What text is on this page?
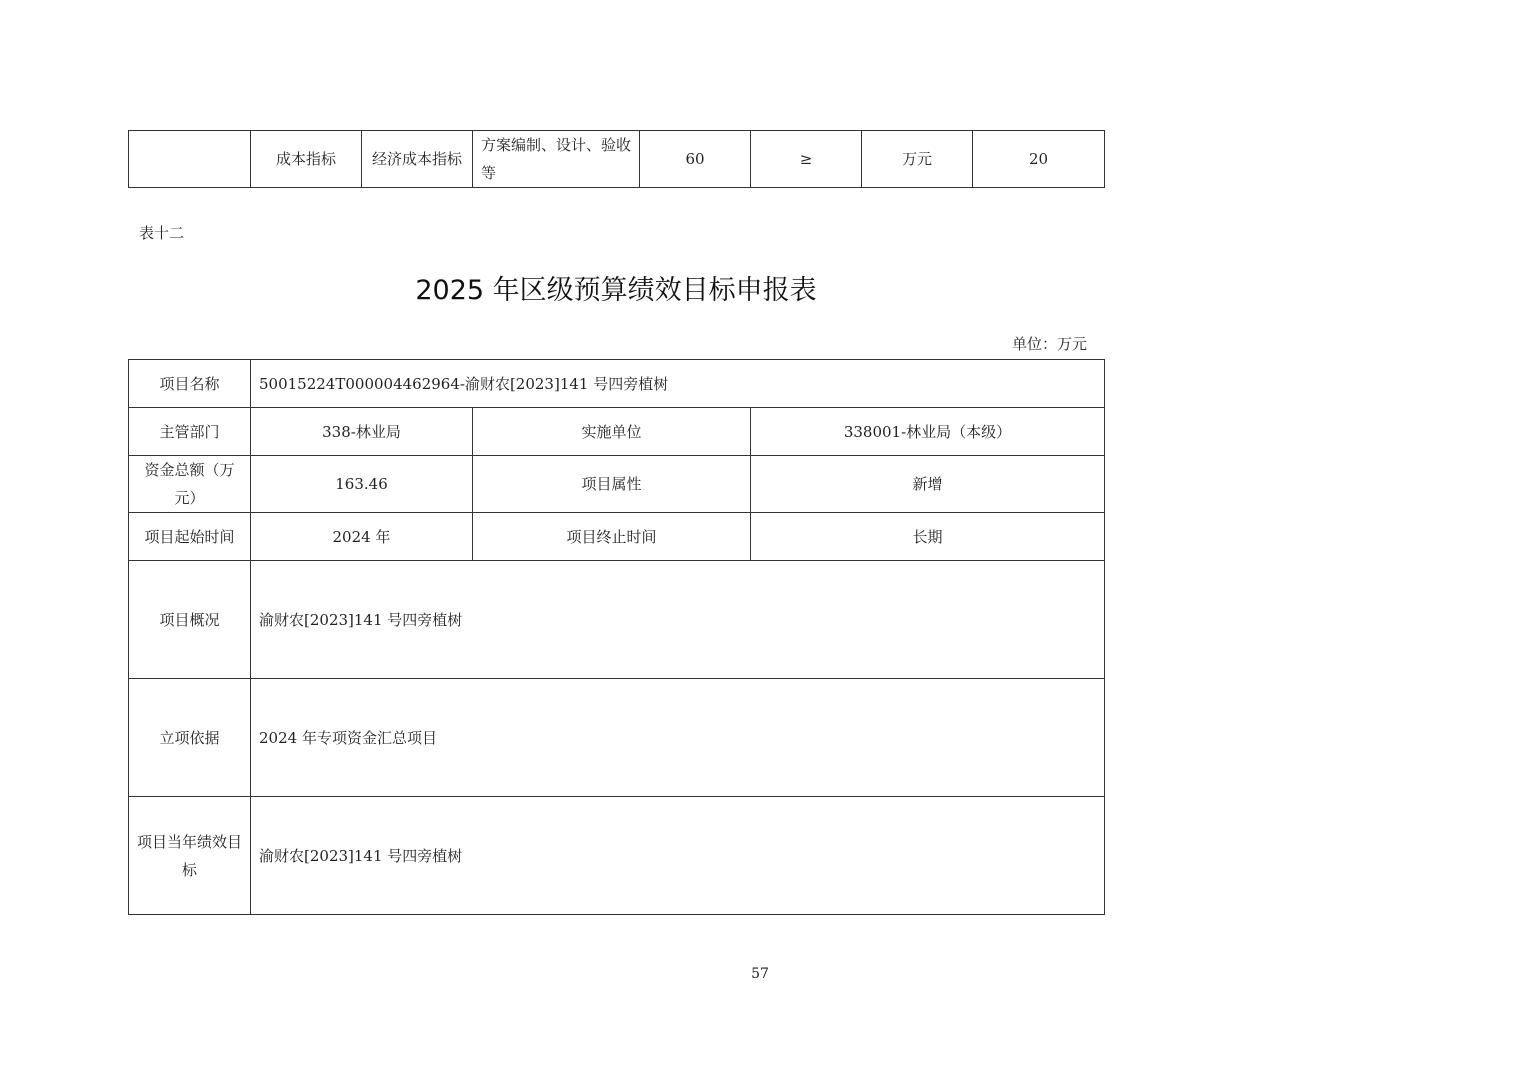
	成本指标	经济成本指标	方案编制、设计、验收等	60	≥	万元	20
表十二
2025 年区级预算绩效目标申报表
单位：万元
项目名称	50015224T000004462964-渝财农[2023]141 号四旁植树		
主管部门	338-林业局	实施单位	338001-林业局（本级）
资金总额（万元）	163.46	项目属性	新增
项目起始时间	2024 年	项目终止时间	长期
项目概况	渝财农[2023]141 号四旁植树		
立项依据	2024 年专项资金汇总项目		
项目当年绩效目标	渝财农[2023]141 号四旁植树		
57
